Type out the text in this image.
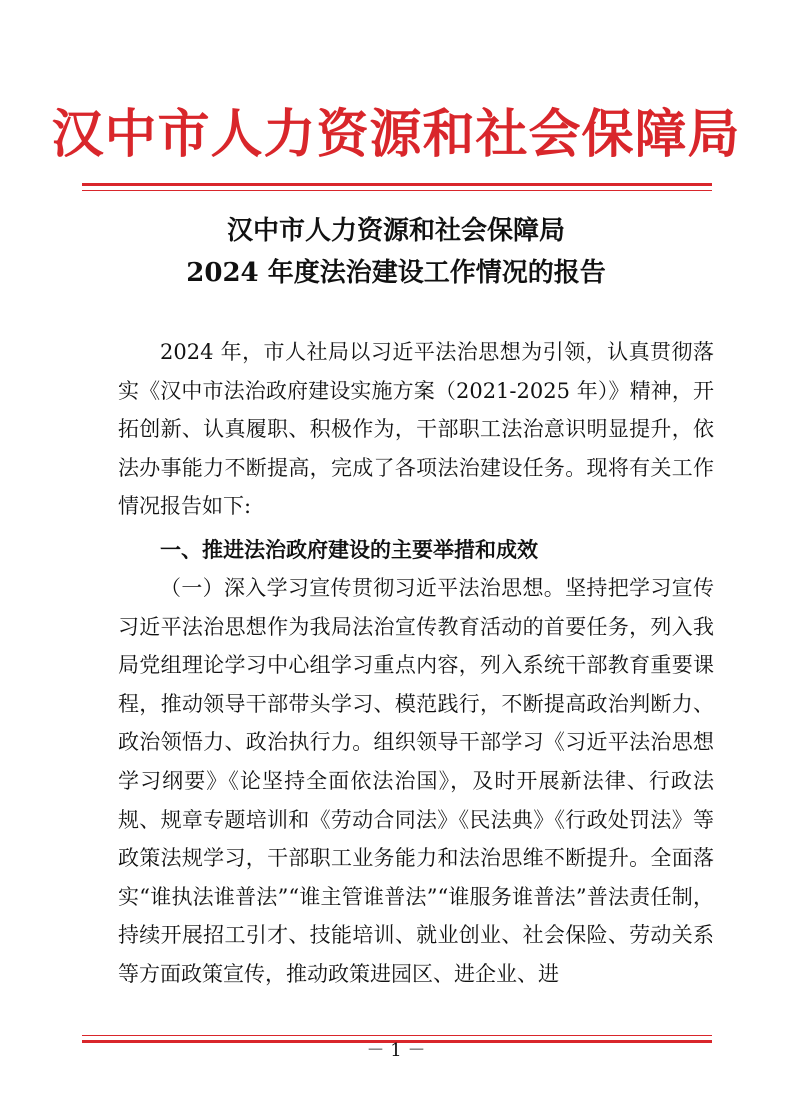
汉中市人力资源和社会保障局
汉中市人力资源和社会保障局
2024 年度法治建设工作情况的报告
2024 年，市人社局以习近平法治思想为引领，认真贯彻落实《汉中市法治政府建设实施方案（2021-2025 年）》精神，开拓创新、认真履职、积极作为，干部职工法治意识明显提升，依法办事能力不断提高，完成了各项法治建设任务。现将有关工作情况报告如下:
一、推进法治政府建设的主要举措和成效
（一）深入学习宣传贯彻习近平法治思想。坚持把学习宣传习近平法治思想作为我局法治宣传教育活动的首要任务，列入我局党组理论学习中心组学习重点内容，列入系统干部教育重要课程，推动领导干部带头学习、模范践行，不断提高政治判断力、政治领悟力、政治执行力。组织领导干部学习《习近平法治思想学习纲要》《论坚持全面依法治国》，及时开展新法律、行政法规、规章专题培训和《劳动合同法》《民法典》《行政处罚法》等政策法规学习，干部职工业务能力和法治思维不断提升。全面落实“谁执法谁普法”“谁主管谁普法”“谁服务谁普法”普法责任制，持续开展招工引才、技能培训、就业创业、社会保险、劳动关系等方面政策宣传，推动政策进园区、进企业、进
－ 1 －
